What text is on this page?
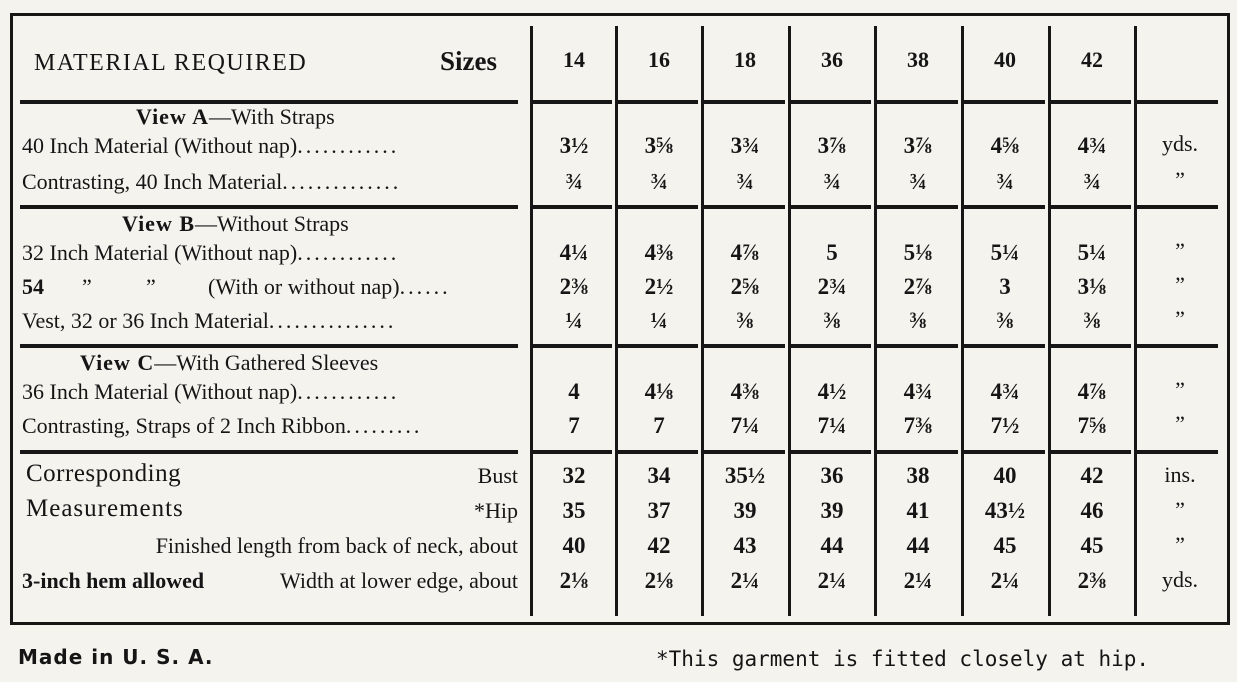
MATERIAL REQUIRED	Sizes	14	16	18	36	38	40	42
View A—With Straps
40 Inch Material (Without nap)............	3½	3⅝	3¾	3⅞	3⅞	4⅝	4¾	yds.
Contrasting, 40 Inch Material..............	¾	¾	¾	¾	¾	¾	¾	”
View B—Without Straps
32 Inch Material (Without nap)............	4¼	4⅜	4⅞	5	5⅛	5¼	5¼	”
54 ” ” (With or without nap)......	2⅜	2½	2⅝	2¾	2⅞	3	3⅛	”
Vest, 32 or 36 Inch Material...............	¼	¼	⅜	⅜	⅜	⅜	⅜	”
View C—With Gathered Sleeves
36 Inch Material (Without nap)............	4	4⅛	4⅜	4½	4¾	4¾	4⅞	”
Contrasting, Straps of 2 Inch Ribbon.........	7	7	7¼	7¼	7⅜	7½	7⅝	”
Corresponding
Measurements
Bust	32	34	35½	36	38	40	42	ins.
*Hip	35	37	39	39	41	43½	46	”
Finished length from back of neck, about	40	42	43	44	44	45	45	”
3-inch hem allowed	Width at lower edge, about	2⅛	2⅛	2¼	2¼	2¼	2¼	2⅜	yds.
Made in U. S. A.	*This garment is fitted closely at hip.
